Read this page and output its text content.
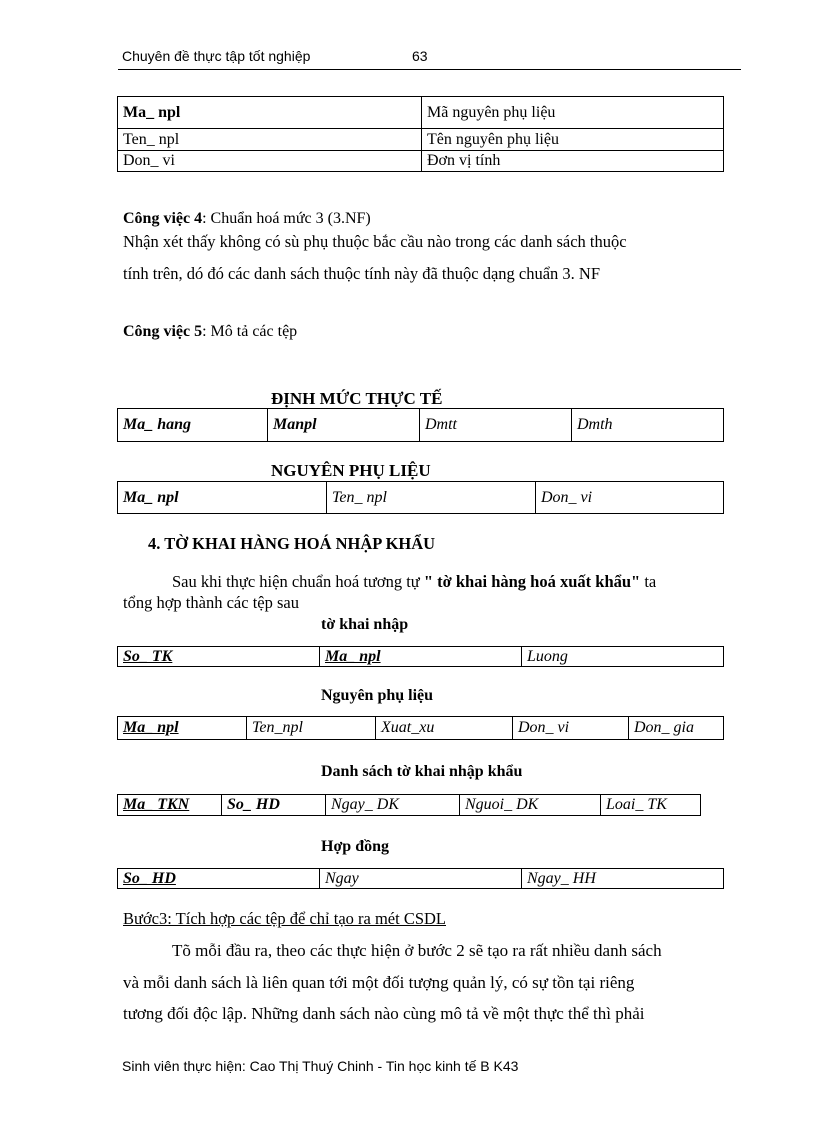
Chuyên đề thực tập tốt nghiệp	63
Ma_ npl	Mã nguyên phụ liệu
Ten_ npl	Tên nguyên phụ liệu
Don_ vi	Đơn vị tính
Công việc 4: Chuẩn hoá mức 3 (3.NF)
Nhận xét thấy không có sù phụ thuộc bắc cầu nào trong các danh sách thuộc
tính trên, dó đó các danh sách thuộc tính này đã thuộc dạng chuẩn 3. NF
Công việc 5: Mô tả các tệp
ĐỊNH MỨC THỰC TẾ
Ma_ hang	Manpl	Dmtt	Dmth
NGUYÊN PHỤ LIỆU
Ma_ npl	Ten_ npl	Don_ vi
4. TỜ KHAI HÀNG HOÁ NHẬP KHẨU
Sau khi thực hiện chuẩn hoá tương tự " tờ khai hàng hoá xuất khẩu" ta
tổng hợp thành các tệp sau
tờ khai nhập
So_ TK	Ma_ npl	Luong
Nguyên phụ liệu
Ma_ npl	Ten_npl	Xuat_xu	Don_ vi	Don_ gia
Danh sách tờ khai nhập khẩu
Ma_ TKN	So_ HD	Ngay_ DK	Nguoi_ DK	Loai_ TK
Hợp đồng
So_ HD	Ngay	Ngay_ HH
Bước3: Tích hợp các tệp để chỉ tạo ra mét CSDL
Tõ mỗi đầu ra, theo các thực hiện ở bước 2 sẽ tạo ra rất nhiều danh sách
và mỗi danh sách là liên quan tới một đối tượng quản lý, có sự tồn tại riêng
tương đối độc lập. Những danh sách nào cùng mô tả về một thực thể thì phải
Sinh viên thực hiện: Cao Thị Thuý Chinh - Tin học kinh tế B K43
